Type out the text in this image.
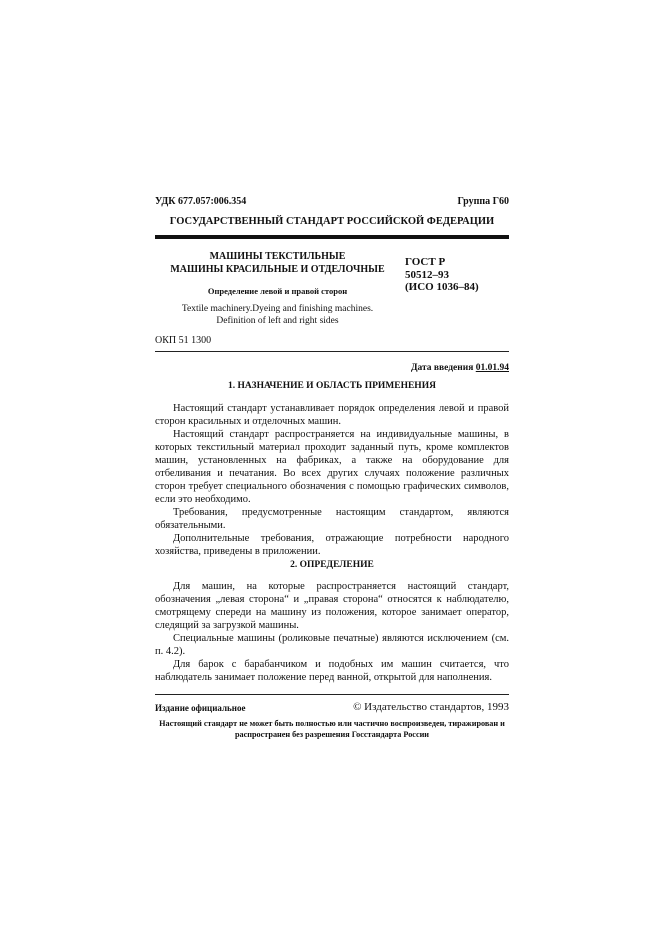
УДК 677.057:006.354	Группа Г60
ГОСУДАРСТВЕННЫЙ СТАНДАРТ РОССИЙСКОЙ ФЕДЕРАЦИИ
МАШИНЫ ТЕКСТИЛЬНЫЕ
МАШИНЫ КРАСИЛЬНЫЕ И ОТДЕЛОЧНЫЕ
Определение левой и правой сторон
ГОСТ Р
50512–93
(ИСО 1036–84)
Textile machinery.Dyeing and finishing machines.
Definition of left and right sides
ОКП 51 1300
Дата введения 01.01.94
1. НАЗНАЧЕНИЕ И ОБЛАСТЬ ПРИМЕНЕНИЯ

Настоящий стандарт устанавливает порядок определения левой и правой сторон красильных и отделочных машин.

Настоящий стандарт распространяется на индивидуальные машины, в которых текстильный материал проходит заданный путь, кроме комплектов машин, установленных на фабриках, а также на оборудование для отбеливания и печатания. Во всех других случаях положение различных сторон требует специального обозначения с помощью графических символов, если это необходимо.

Требования, предусмотренные настоящим стандартом, являются обязательными.

Дополнительные требования, отражающие потребности народного хозяйства, приведены в приложении.

2. ОПРЕДЕЛЕНИЕ

Для машин, на которые распространяется настоящий стандарт, обозначения „левая сторона“ и „правая сторона“ относятся к наблюдателю, смотрящему спереди на машину из положения, которое занимает оператор, следящий за загрузкой машины.

Специальные машины (роликовые печатные) являются исключением (см. п. 4.2).

Для барок с барабанчиком и подобных им машин считается, что наблюдатель занимает положение перед ванной, открытой для наполнения.

Издание официальное	© Издательство стандартов, 1993
Настоящий стандарт не может быть полностью или частично воспроизведен, тиражирован и распространен без разрешения Госстандарта России
